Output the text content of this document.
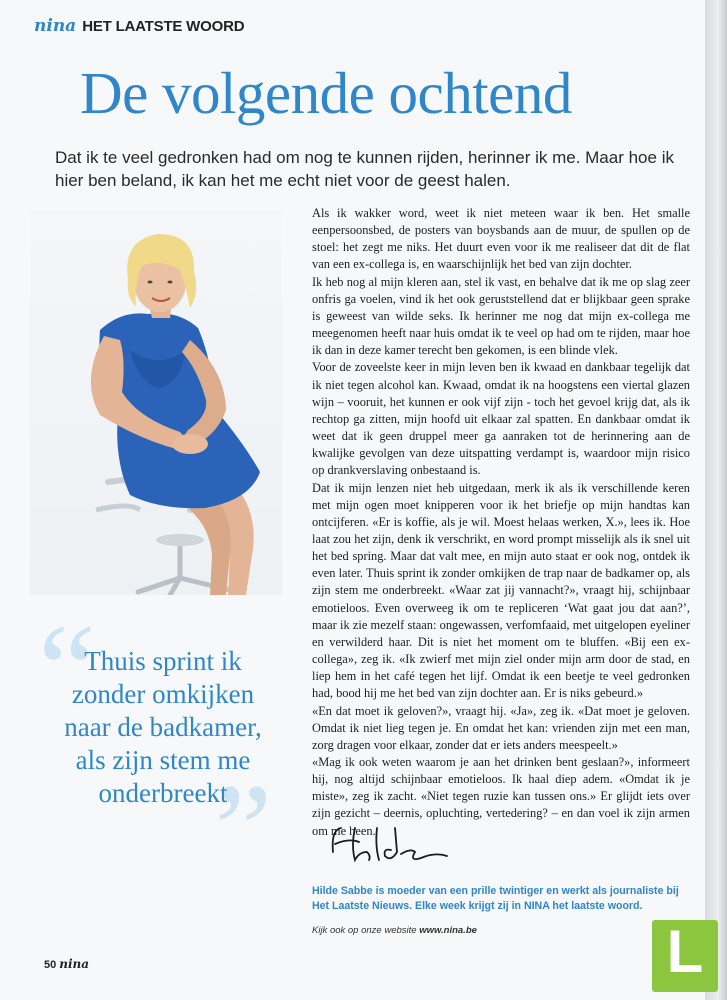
nina HET LAATSTE WOORD
De volgende ochtend

Dat ik te veel gedronken had om nog te kunnen rijden, herinner ik me. Maar hoe ik hier ben beland, ik kan het me echt niet voor de geest halen.

“
”

Thuis sprint ik zonder omkijken naar de badkamer, als zijn stem me onderbreekt

Als ik wakker word, weet ik niet meteen waar ik ben. Het smalle eenpersoonsbed, de posters van boysbands aan de muur, de spullen op de stoel: het zegt me niks. Het duurt even voor ik me realiseer dat dit de flat van een ex-collega is, en waarschijnlijk het bed van zijn dochter.

Ik heb nog al mijn kleren aan, stel ik vast, en behalve dat ik me op slag zeer onfris ga voelen, vind ik het ook geruststellend dat er blijkbaar geen sprake is geweest van wilde seks. Ik herinner me nog dat mijn ex-collega me meegenomen heeft naar huis omdat ik te veel op had om te rijden, maar hoe ik dan in deze kamer terecht ben gekomen, is een blinde vlek.

Voor de zoveelste keer in mijn leven ben ik kwaad en dankbaar tegelijk dat ik niet tegen alcohol kan. Kwaad, omdat ik na hoogstens een viertal glazen wijn – vooruit, het kunnen er ook vijf zijn - toch het gevoel krijg dat, als ik rechtop ga zitten, mijn hoofd uit elkaar zal spatten. En dankbaar omdat ik weet dat ik geen druppel meer ga aanraken tot de herinnering aan de kwalijke gevolgen van deze uitspatting verdampt is, waardoor mijn risico op drankverslaving onbestaand is.

Dat ik mijn lenzen niet heb uitgedaan, merk ik als ik verschillende keren met mijn ogen moet knipperen voor ik het briefje op mijn handtas kan ontcijferen. «Er is koffie, als je wil. Moest helaas werken, X.», lees ik. Hoe laat zou het zijn, denk ik verschrikt, en word prompt misselijk als ik snel uit het bed spring. Maar dat valt mee, en mijn auto staat er ook nog, ontdek ik even later. Thuis sprint ik zonder omkijken de trap naar de badkamer op, als zijn stem me onderbreekt. «Waar zat jij vannacht?», vraagt hij, schijnbaar emotieloos. Even overweeg ik om te repliceren ‘Wat gaat jou dat aan?’, maar ik zie mezelf staan: ongewassen, verfomfaaid, met uitgelopen eyeliner en verwilderd haar. Dit is niet het moment om te bluffen. «Bij een ex-collega», zeg ik. «Ik zwierf met mijn ziel onder mijn arm door de stad, en liep hem in het café tegen het lijf. Omdat ik een beetje te veel gedronken had, bood hij me het bed van zijn dochter aan. Er is niks gebeurd.»

«En dat moet ik geloven?», vraagt hij. «Ja», zeg ik. «Dat moet je geloven. Omdat ik niet lieg tegen je. En omdat het kan: vrienden zijn met een man, zorg dragen voor elkaar, zonder dat er iets anders meespeelt.»

«Mag ik ook weten waarom je aan het drinken bent geslaan?», informeert hij, nog altijd schijnbaar emotieloos. Ik haal diep adem. «Omdat ik je miste», zeg ik zacht. «Niet tegen ruzie kan tussen ons.» Er glijdt iets over zijn gezicht – deernis, opluchting, vertedering? – en dan voel ik zijn armen om me heen.

Hilde Sabbe is moeder van een prille twintiger en werkt als journaliste bij Het Laatste Nieuws. Elke week krijgt zij in NINA het laatste woord.

Kijk ook op onze website www.nina.be

50 nina	L
